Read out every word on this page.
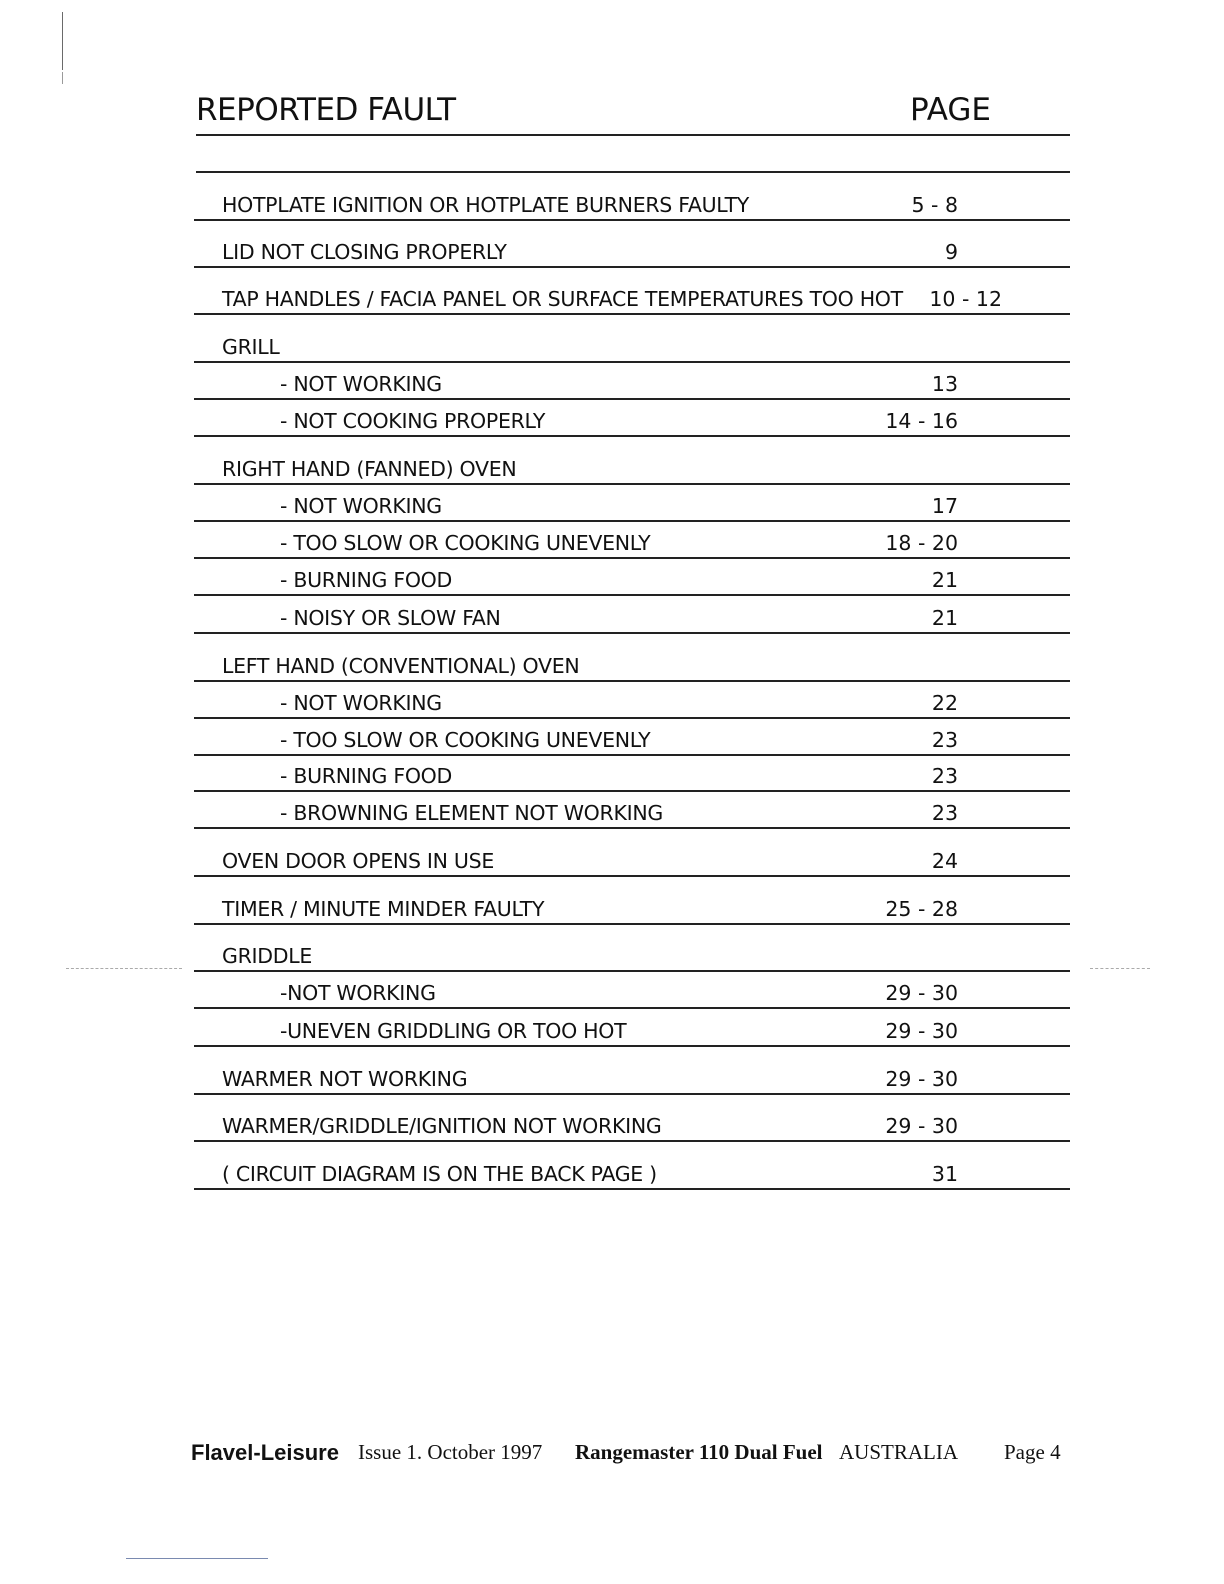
REPORTED FAULT	PAGE
HOTPLATE IGNITION OR HOTPLATE BURNERS FAULTY	5 - 8
LID NOT CLOSING PROPERLY	9
TAP HANDLES / FACIA PANEL OR SURFACE TEMPERATURES TOO HOT 10 - 12
GRILL
- NOT WORKING	13
- NOT COOKING PROPERLY	14 - 16
RIGHT HAND (FANNED) OVEN
- NOT WORKING	17
- TOO SLOW OR COOKING UNEVENLY	18 - 20
- BURNING FOOD	21
- NOISY OR SLOW FAN	21
LEFT HAND (CONVENTIONAL) OVEN
- NOT WORKING	22
- TOO SLOW OR COOKING UNEVENLY	23
- BURNING FOOD	23
- BROWNING ELEMENT NOT WORKING	23
OVEN DOOR OPENS IN USE	24
TIMER / MINUTE MINDER FAULTY	25 - 28
GRIDDLE
-NOT WORKING	29 - 30
-UNEVEN GRIDDLING OR TOO HOT	29 - 30
WARMER NOT WORKING	29 - 30
WARMER/GRIDDLE/IGNITION NOT WORKING	29 - 30
( CIRCUIT DIAGRAM IS ON THE BACK PAGE )	31
Flavel-Leisure Issue 1. October 1997 Rangemaster 110 Dual Fuel AUSTRALIA Page 4
